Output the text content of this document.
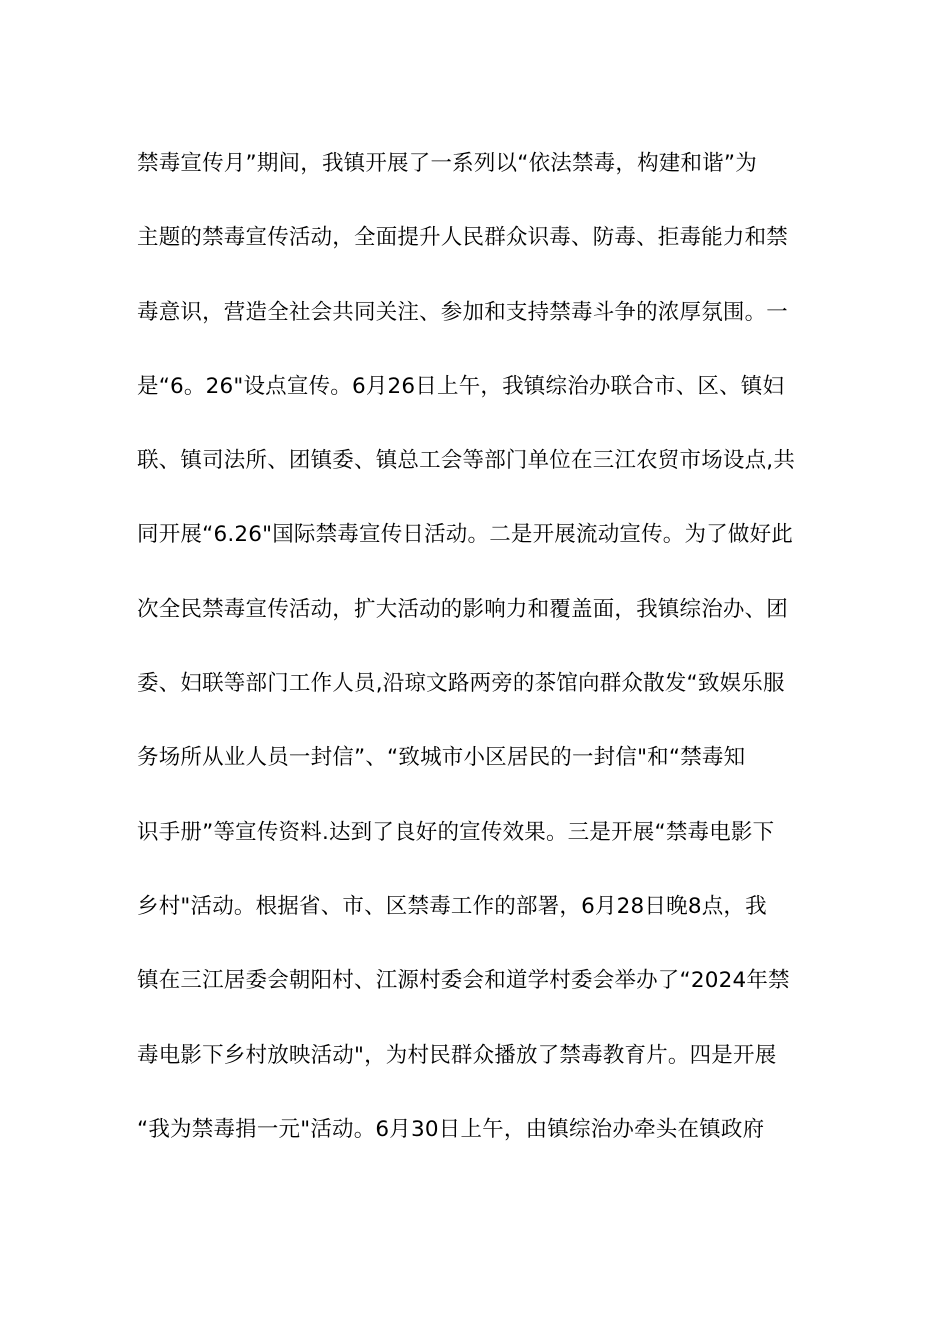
禁毒宣传月”期间，我镇开展了一系列以“依法禁毒，构建和谐”为
主题的禁毒宣传活动，全面提升人民群众识毒、防毒、拒毒能力和禁
毒意识，营造全社会共同关注、参加和支持禁毒斗争的浓厚氛围。一
是“6。26"设点宣传。6月26日上午，我镇综治办联合市、区、镇妇
联、镇司法所、团镇委、镇总工会等部门单位在三江农贸市场设点,共
同开展“6.26"国际禁毒宣传日活动。二是开展流动宣传。为了做好此
次全民禁毒宣传活动，扩大活动的影响力和覆盖面，我镇综治办、团
委、妇联等部门工作人员,沿琼文路两旁的茶馆向群众散发“致娱乐服
务场所从业人员一封信”、“致城市小区居民的一封信"和“禁毒知
识手册”等宣传资料.达到了良好的宣传效果。三是开展“禁毒电影下
乡村"活动。根据省、市、区禁毒工作的部署，6月28日晚8点，我
镇在三江居委会朝阳村、江源村委会和道学村委会举办了“2024年禁
毒电影下乡村放映活动"，为村民群众播放了禁毒教育片。四是开展
“我为禁毒捐一元"活动。6月30日上午，由镇综治办牵头在镇政府
